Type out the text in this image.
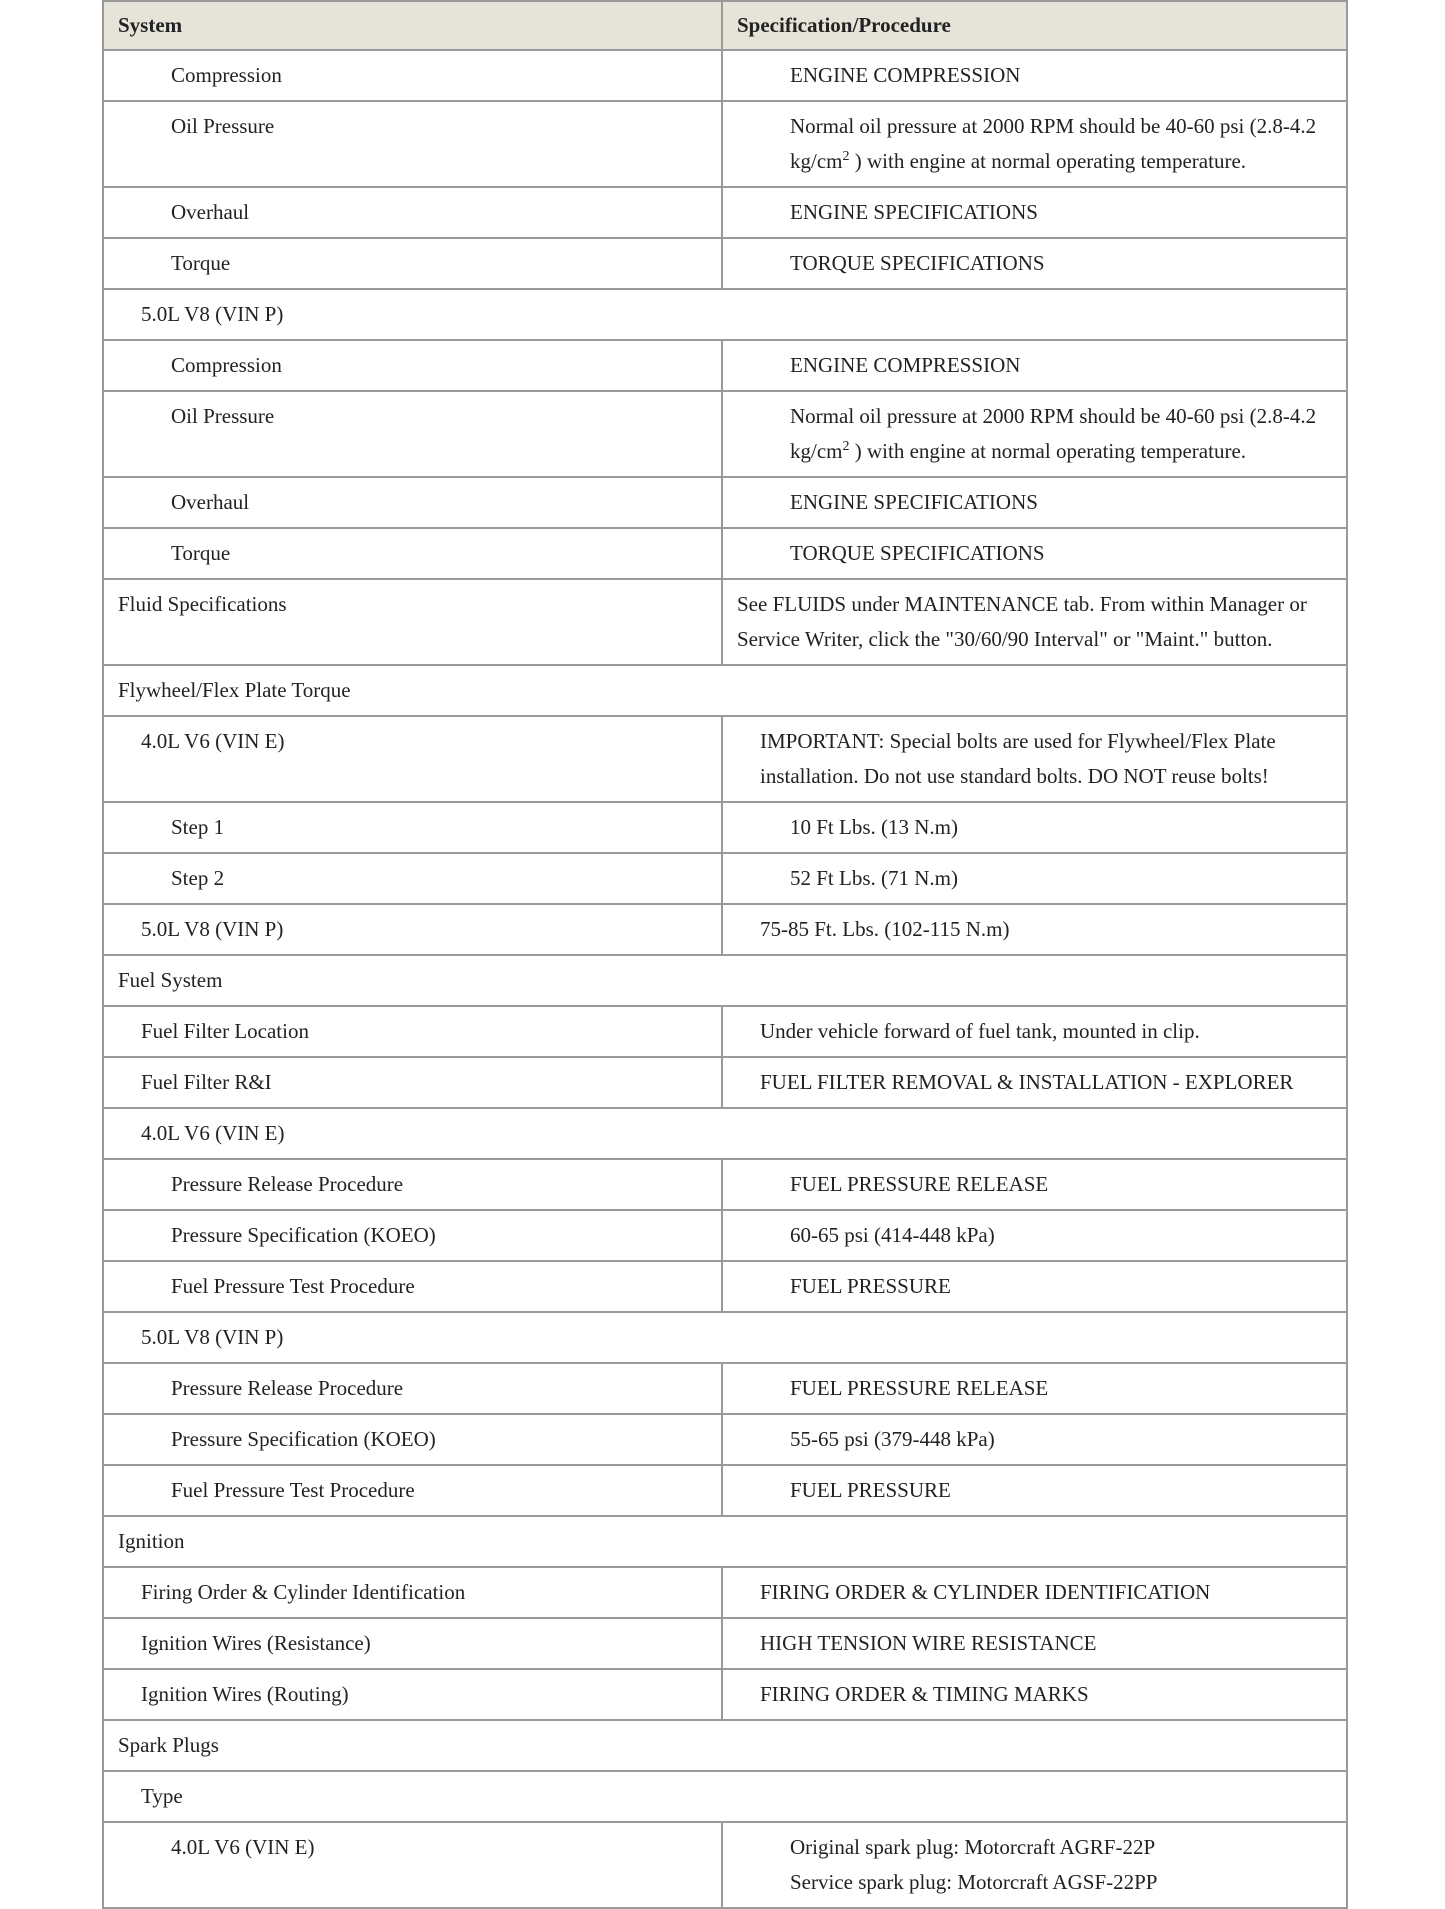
System	Specification/Procedure
Compression	ENGINE COMPRESSION
Oil Pressure	Normal oil pressure at 2000 RPM should be 40-60 psi (2.8-4.2 $kg/cm^2$ ) with engine at normal operating temperature.
Overhaul	ENGINE SPECIFICATIONS
Torque	TORQUE SPECIFICATIONS
5.0L V8 (VIN P)	
Compression	ENGINE COMPRESSION
Oil Pressure	Normal oil pressure at 2000 RPM should be 40-60 psi (2.8-4.2 $kg/cm^2$ ) with engine at normal operating temperature.
Overhaul	ENGINE SPECIFICATIONS
Torque	TORQUE SPECIFICATIONS
Fluid Specifications	See FLUIDS under MAINTENANCE tab. From within Manager or Service Writer, click the "30/60/90 Interval" or "Maint." button.
Flywheel/Flex Plate Torque	
4.0L V6 (VIN E)	IMPORTANT: Special bolts are used for Flywheel/Flex Plate installation. Do not use standard bolts. DO NOT reuse bolts!
Step 1	10 Ft Lbs. (13 N.m)
Step 2	52 Ft Lbs. (71 N.m)
5.0L V8 (VIN P)	75-85 Ft. Lbs. (102-115 N.m)
Fuel System	
Fuel Filter Location	Under vehicle forward of fuel tank, mounted in clip.
Fuel Filter R&I	FUEL FILTER REMOVAL & INSTALLATION - EXPLORER
4.0L V6 (VIN E)	
Pressure Release Procedure	FUEL PRESSURE RELEASE
Pressure Specification (KOEO)	60-65 psi (414-448 kPa)
Fuel Pressure Test Procedure	FUEL PRESSURE
5.0L V8 (VIN P)	
Pressure Release Procedure	FUEL PRESSURE RELEASE
Pressure Specification (KOEO)	55-65 psi (379-448 kPa)
Fuel Pressure Test Procedure	FUEL PRESSURE
Ignition	
Firing Order & Cylinder Identification	FIRING ORDER & CYLINDER IDENTIFICATION
Ignition Wires (Resistance)	HIGH TENSION WIRE RESISTANCE
Ignition Wires (Routing)	FIRING ORDER & TIMING MARKS
Spark Plugs	
Type	
4.0L V6 (VIN E)	Original spark plug: Motorcraft AGRF-22P
Service spark plug: Motorcraft AGSF-22PP
